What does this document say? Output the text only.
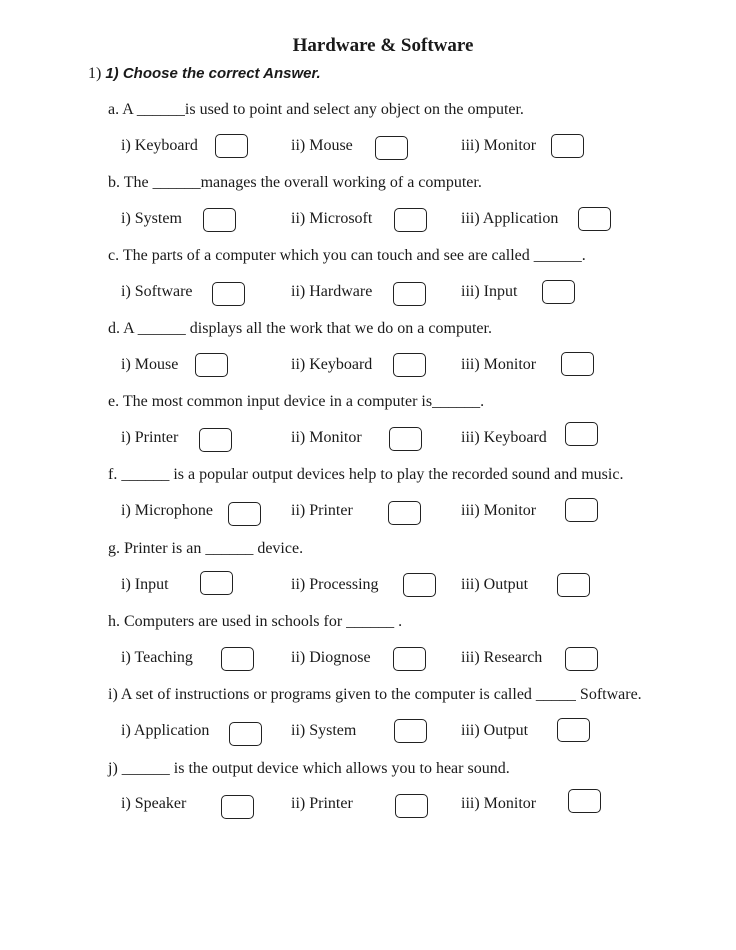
Hardware & Software
1) 1) Choose the correct Answer.
a. A ______is used to point and select any object on the omputer.
i) Keyboard	ii) Mouse	iii) Monitor
b. The ______manages the overall working of a computer.
i) System	ii) Microsoft	iii) Application
c. The parts of a computer which you can touch and see are called ______.
i) Software	ii) Hardware	iii) Input
d. A ______ displays all the work that we do on a computer.
i) Mouse	ii) Keyboard	iii) Monitor
e. The most common input device in a computer is______.
i) Printer	ii) Monitor	iii) Keyboard
f. ______ is a popular output devices help to play the recorded sound and music.
i) Microphone	ii) Printer	iii) Monitor
g. Printer is an ______ device.
i) Input	ii) Processing	iii) Output
h. Computers are used in schools for ______ .
i) Teaching	ii) Diognose	iii) Research
i) A set of instructions or programs given to the computer is called _____ Software.
i) Application	ii) System	iii) Output
j) ______ is the output device which allows you to hear sound.
i) Speaker	ii) Printer	iii) Monitor
